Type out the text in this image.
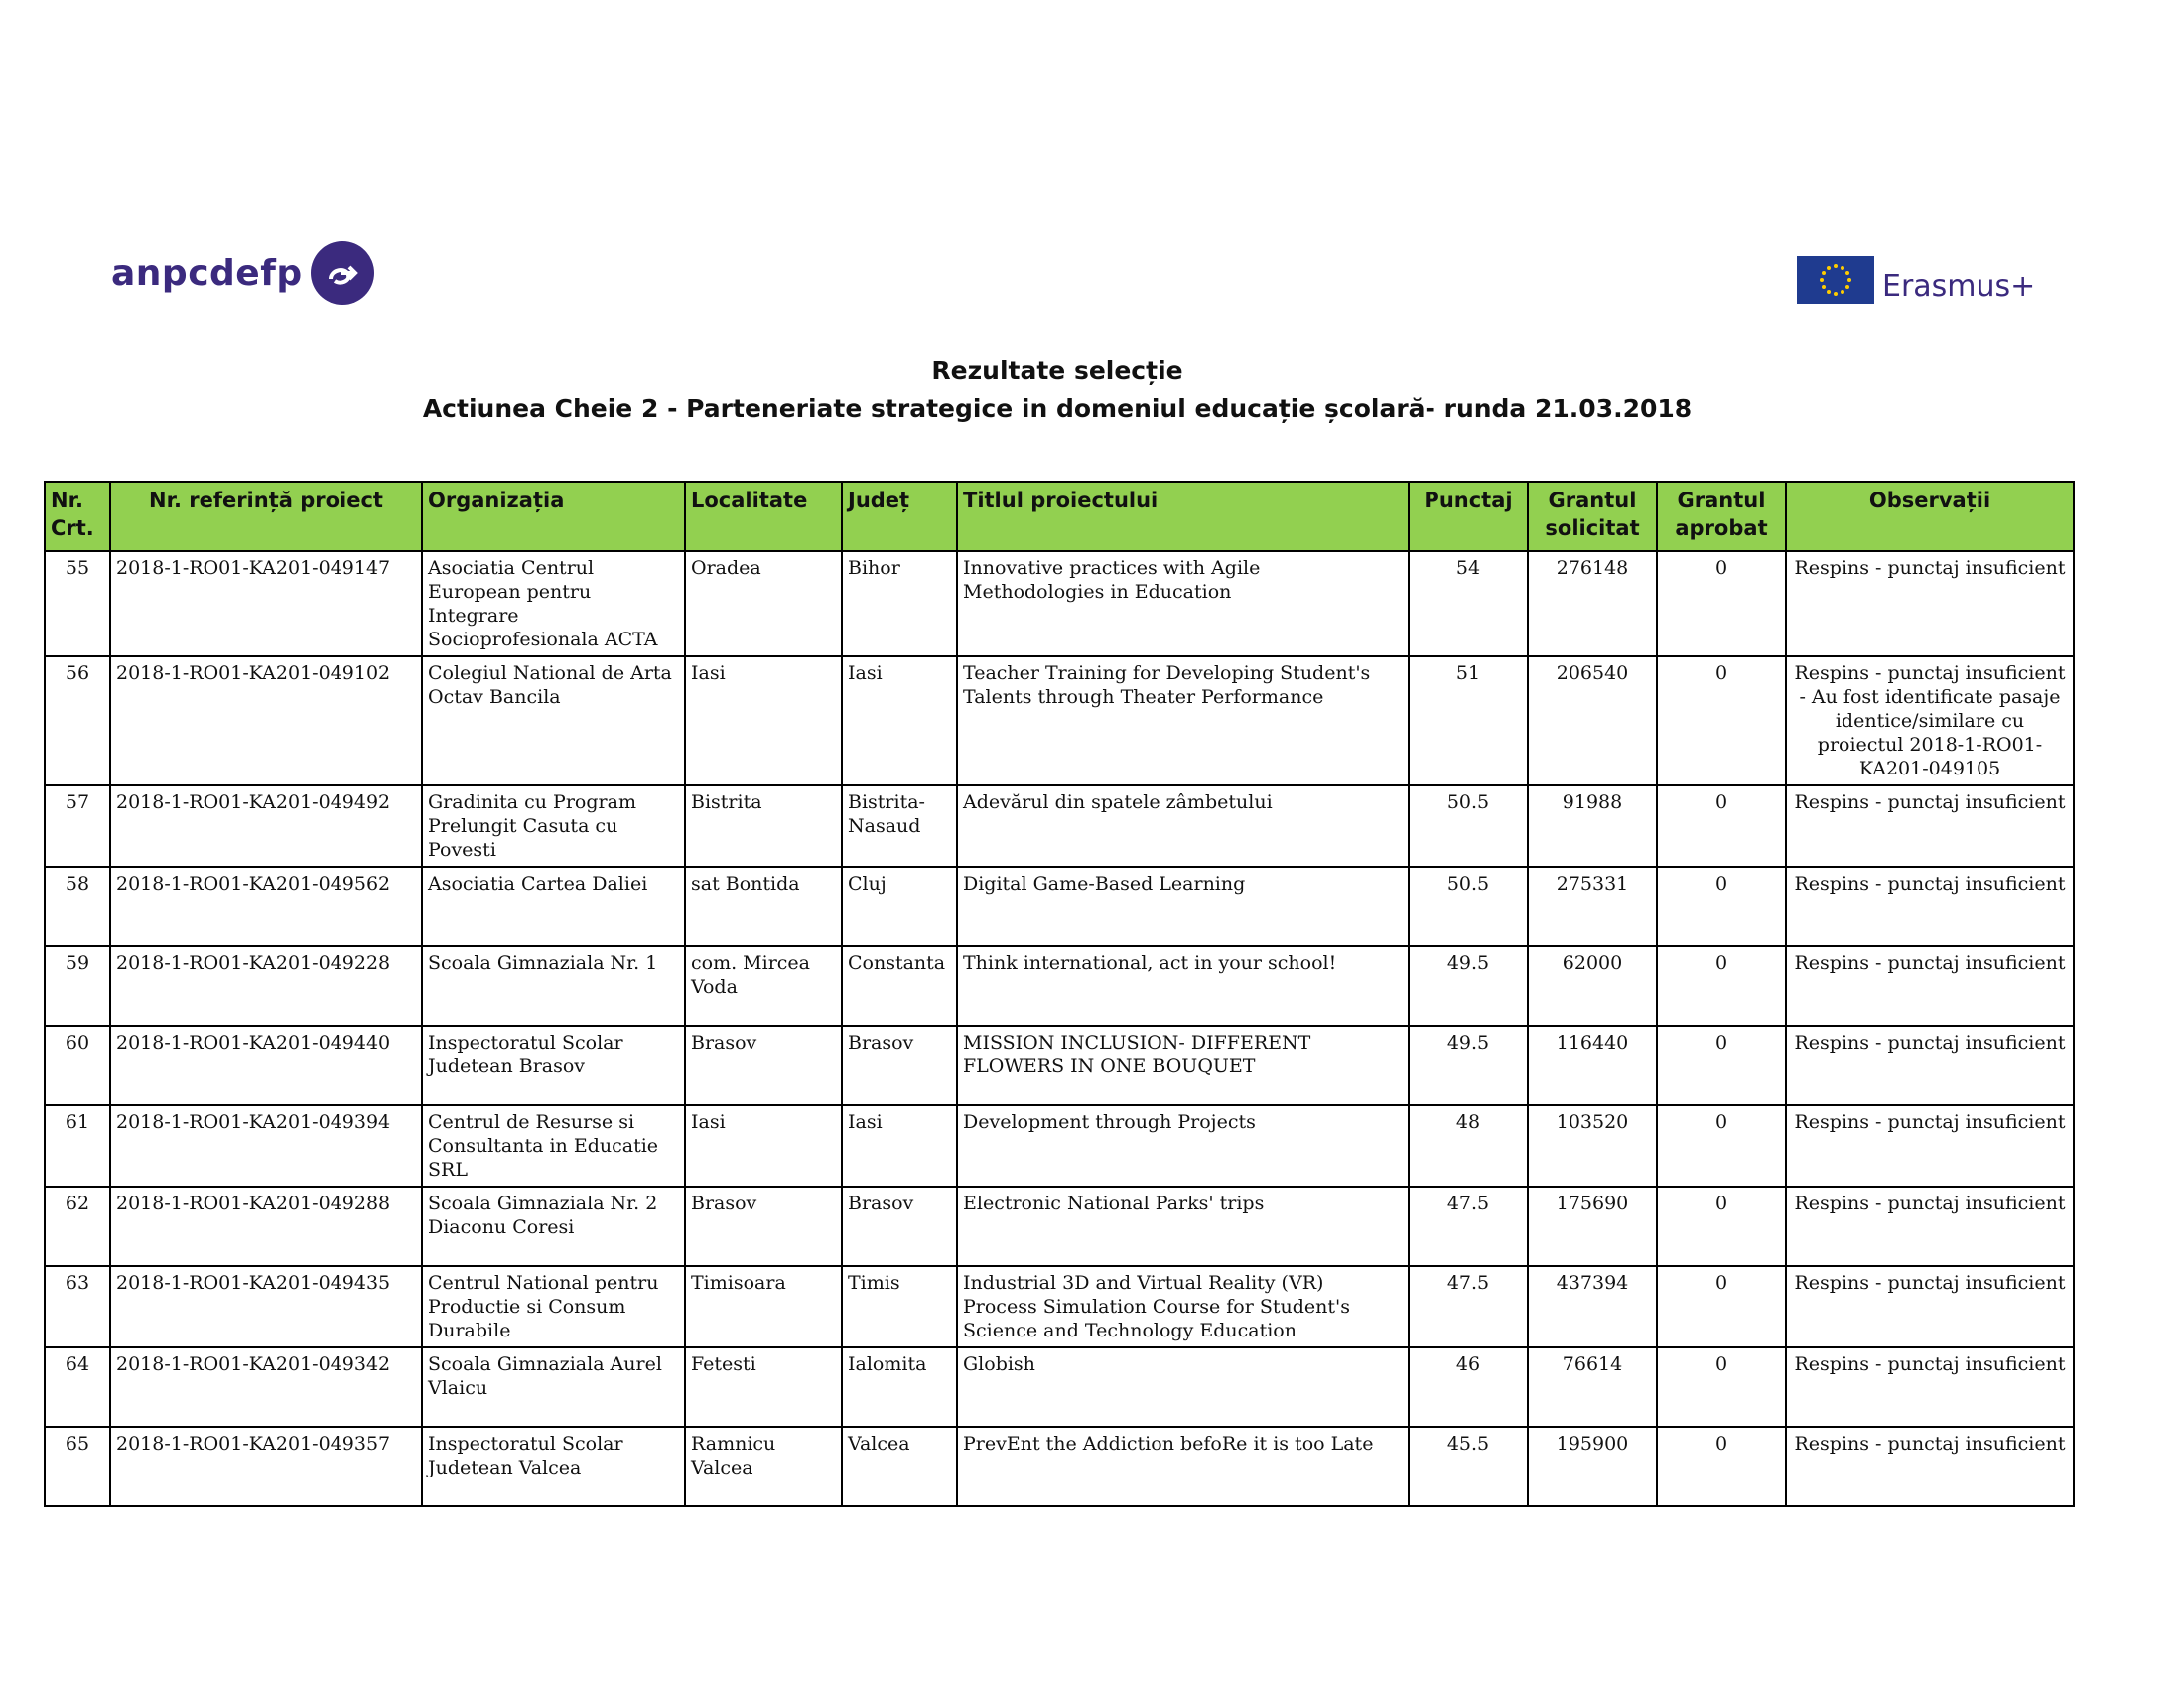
anpcdefp	Erasmus+
Rezultate selecție
Actiunea Cheie 2 - Parteneriate strategice in domeniul educație școlară- runda 21.03.2018
Nr. Crt.	Nr. referință proiect	Organizația	Localitate	Județ	Titlul proiectului	Punctaj	Grantul solicitat	Grantul aprobat	Observații
55	2018-1-RO01-KA201-049147	Asociatia Centrul European pentru Integrare Socioprofesionala ACTA	Oradea	Bihor	Innovative practices with Agile Methodologies in Education	54	276148	0	Respins - punctaj insuficient
56	2018-1-RO01-KA201-049102	Colegiul National de Arta Octav Bancila	Iasi	Iasi	Teacher Training for Developing Student's Talents through Theater Performance	51	206540	0	Respins - punctaj insuficient - Au fost identificate pasaje identice/similare cu proiectul 2018-1-RO01-KA201-049105
57	2018-1-RO01-KA201-049492	Gradinita cu Program Prelungit Casuta cu Povesti	Bistrita	Bistrita-Nasaud	Adevărul din spatele zâmbetului	50.5	91988	0	Respins - punctaj insuficient
58	2018-1-RO01-KA201-049562	Asociatia Cartea Daliei	sat Bontida	Cluj	Digital Game-Based Learning	50.5	275331	0	Respins - punctaj insuficient
59	2018-1-RO01-KA201-049228	Scoala Gimnaziala Nr. 1	com. Mircea Voda	Constanta	Think international, act in your school!	49.5	62000	0	Respins - punctaj insuficient
60	2018-1-RO01-KA201-049440	Inspectoratul Scolar Judetean Brasov	Brasov	Brasov	MISSION INCLUSION- DIFFERENT FLOWERS IN ONE BOUQUET	49.5	116440	0	Respins - punctaj insuficient
61	2018-1-RO01-KA201-049394	Centrul de Resurse si Consultanta in Educatie SRL	Iasi	Iasi	Development through Projects	48	103520	0	Respins - punctaj insuficient
62	2018-1-RO01-KA201-049288	Scoala Gimnaziala Nr. 2 Diaconu Coresi	Brasov	Brasov	Electronic National Parks' trips	47.5	175690	0	Respins - punctaj insuficient
63	2018-1-RO01-KA201-049435	Centrul National pentru Productie si Consum Durabile	Timisoara	Timis	Industrial 3D and Virtual Reality (VR) Process Simulation Course for Student's Science and Technology Education	47.5	437394	0	Respins - punctaj insuficient
64	2018-1-RO01-KA201-049342	Scoala Gimnaziala Aurel Vlaicu	Fetesti	Ialomita	Globish	46	76614	0	Respins - punctaj insuficient
65	2018-1-RO01-KA201-049357	Inspectoratul Scolar Judetean Valcea	Ramnicu Valcea	Valcea	PrevEnt the Addiction befoRe it is too Late	45.5	195900	0	Respins - punctaj insuficient
